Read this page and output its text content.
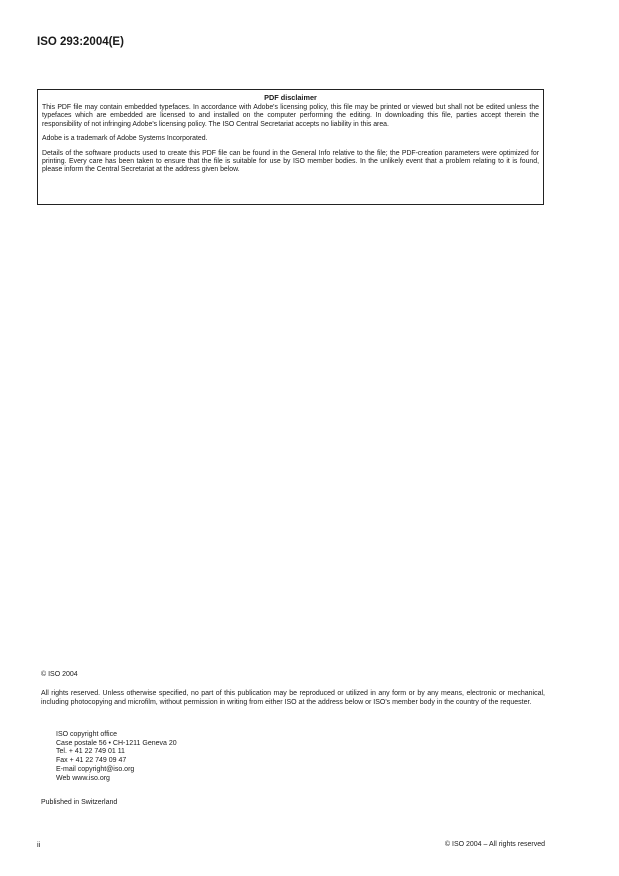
ISO 293:2004(E)
PDF disclaimer

This PDF file may contain embedded typefaces. In accordance with Adobe's licensing policy, this file may be printed or viewed but shall not be edited unless the typefaces which are embedded are licensed to and installed on the computer performing the editing. In downloading this file, parties accept therein the responsibility of not infringing Adobe's licensing policy. The ISO Central Secretariat accepts no liability in this area.

Adobe is a trademark of Adobe Systems Incorporated.

Details of the software products used to create this PDF file can be found in the General Info relative to the file; the PDF-creation parameters were optimized for printing. Every care has been taken to ensure that the file is suitable for use by ISO member bodies. In the unlikely event that a problem relating to it is found, please inform the Central Secretariat at the address given below.

© ISO 2004

All rights reserved. Unless otherwise specified, no part of this publication may be reproduced or utilized in any form or by any means, electronic or mechanical, including photocopying and microfilm, without permission in writing from either ISO at the address below or ISO's member body in the country of the requester.

ISO copyright office
Case postale 56 • CH-1211 Geneva 20
Tel. + 41 22 749 01 11
Fax + 41 22 749 09 47
E-mail copyright@iso.org
Web www.iso.org
Published in Switzerland
ii	© ISO 2004 – All rights reserved
